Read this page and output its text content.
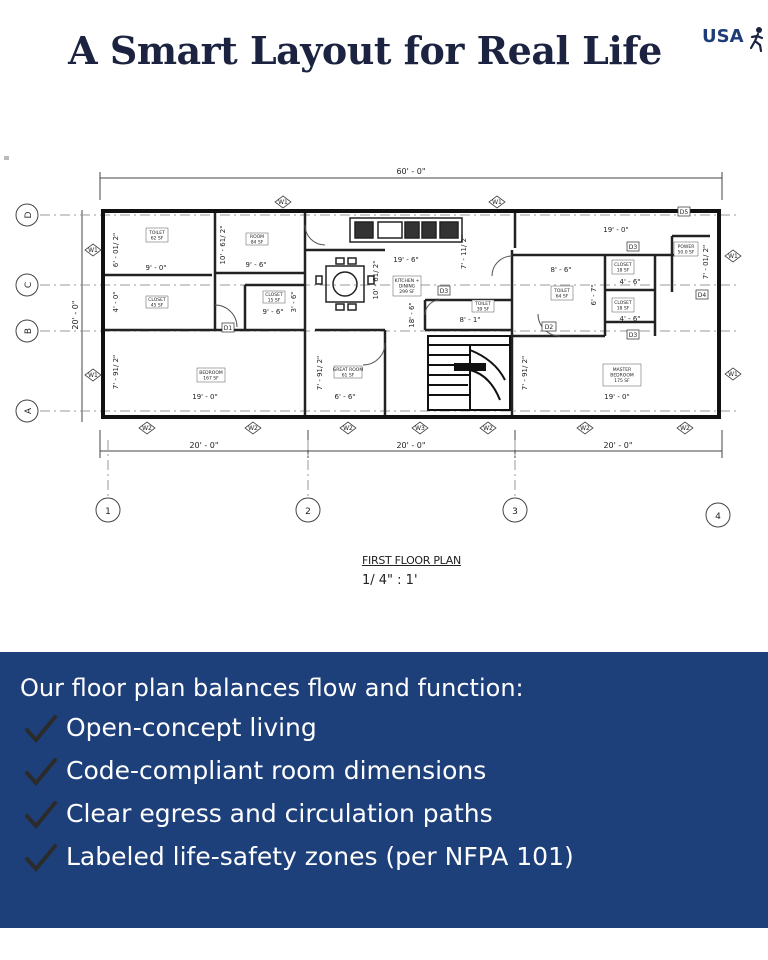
A Smart Layout for Real Life	USA
60' - 0"
20' - 0"	20' - 0"	20' - 0"
20' - 0"
D
C
B
A
1	2	3	4
W1	W1
W1
W1
W1
W1
W2	W2	W2	W3	W2	W2	W2
D1	D2
D3
D3
D5
D3
D4
TOILET 62 SF	ROOM 84 SF
CLOSET 45 SF
CLOSET 15 SF
BEDROOM 167 SF
KITCHEN + DINING 299 SF
GREAT ROOM 61 SF
TOILET 39 SF
TOILET 64 SF
CLOSET 18 SF
CLOSET 18 SF
POWER 50.0 SF
MASTER BEDROOM 175 SF
6' - 01/ 2"
9' - 0"
4' - 0"
10' - 61/ 2"
9' - 6"
3' - 6"
9' - 6"
7' - 91/ 2"
19' - 0"
10' - 61/ 2"
19' - 6"
7' - 91/ 2"
6' - 6"
18' - 6"
7' - 11/ 2"
8' - 1"
8' - 6"
6' - 7"
19' - 0"
4' - 6"
4' - 6"
7' - 01/ 2"
7' - 91/ 2"
19' - 0"
FIRST FLOOR PLAN
1/ 4" : 1'
Our floor plan balances flow and function:
Open-concept living
Code-compliant room dimensions
Clear egress and circulation paths
Labeled life-safety zones (per NFPA 101)
